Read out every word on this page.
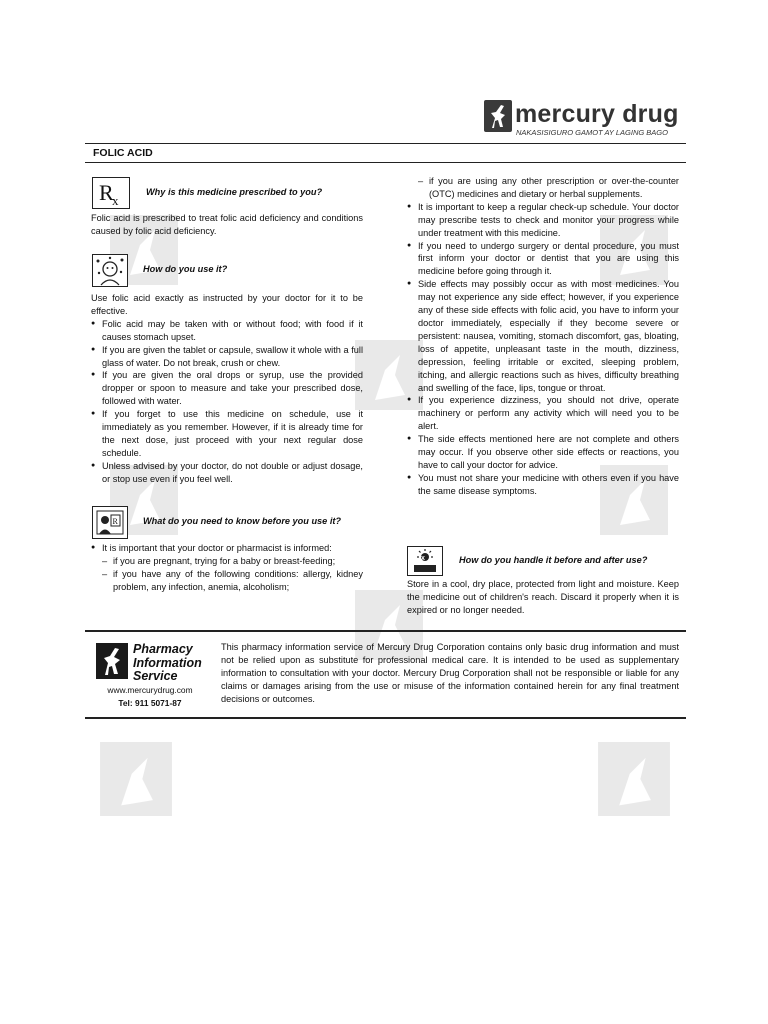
mercury drug
NAKASISIGURO GAMOT AY LAGING BAGO
FOLIC ACID
R
x
Why is this medicine prescribed to you?
Folic acid is prescribed to treat folic acid deficiency and conditions caused by folic acid deficiency.
How do you use it?

Use folic acid exactly as instructed by your doctor for it to be effective.

● Folic acid may be taken with or without food; with food if it causes stomach upset.
● If you are given the tablet or capsule, swallow it whole with a full glass of water. Do not break, crush or chew.
● If you are given the oral drops or syrup, use the provided dropper or spoon to measure and take your prescribed dose, followed with water.
● If you forget to use this medicine on schedule, use it immediately as you remember. However, if it is already time for the next dose, just proceed with your next regular dose schedule.
● Unless advised by your doctor, do not double or adjust dosage, or stop use even if you feel well.
R	What do you need to know before you use it?
● It is important that your doctor or pharmacist is informed:
– if you are pregnant, trying for a baby or breast-feeding;
– if you have any of the following conditions: allergy, kidney problem, any infection, anemia, alcoholism;
– if you are using any other prescription or over-the-counter (OTC) medicines and dietary or herbal supplements.
● It is important to keep a regular check-up schedule. Your doctor may prescribe tests to check and monitor your progress while under treatment with this medicine.
● If you need to undergo surgery or dental procedure, you must first inform your doctor or dentist that you are using this medicine before going through it.
● Side effects may possibly occur as with most medicines. You may not experience any side effect; however, if you experience any of these side effects with folic acid, you have to inform your doctor immediately, especially if they become severe or persistent: nausea, vomiting, stomach discomfort, gas, bloating, loss of appetite, unpleasant taste in the mouth, dizziness, depression, feeling irritable or excited, sleeping problem, itching, and allergic reactions such as hives, difficulty breathing and swelling of the face, lips, tongue or throat.
● If you experience dizziness, you should not drive, operate machinery or perform any activity which will need you to be alert.
● The side effects mentioned here are not complete and others may occur. If you observe other side effects or reactions, you have to call your doctor for advice.
● You must not share your medicine with others even if you have the same disease symptoms.
x	How do you handle it before and after use?
Store in a cool, dry place, protected from light and moisture. Keep the medicine out of children's reach. Discard it properly when it is expired or no longer needed.
Pharmacy
Information
Service
www.mercurydrug.com
Tel: 911 5071-87
This pharmacy information service of Mercury Drug Corporation contains only basic drug information and must not be relied upon as substitute for professional medical care. It is intended to be used as supplementary information to consultation with your doctor. Mercury Drug Corporation shall not be responsible or liable for any claims or damages arising from the use or misuse of the information contained herein for any final treatment decisions or outcomes.
